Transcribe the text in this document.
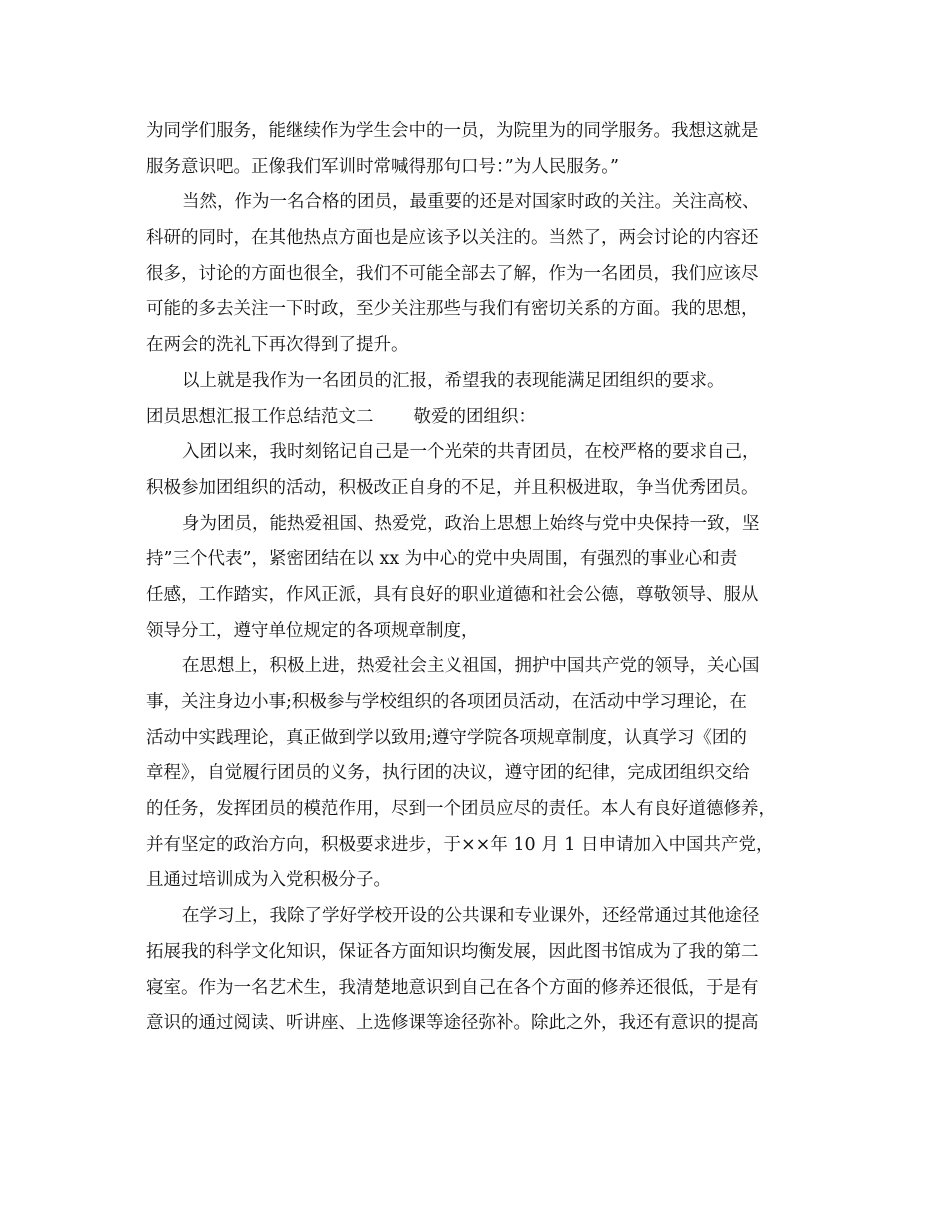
为同学们服务，能继续作为学生会中的一员，为院里为的同学服务。我想这就是
服务意识吧。正像我们军训时常喊得那句口号：”为人民服务。”
当然，作为一名合格的团员，最重要的还是对国家时政的关注。关注高校、
科研的同时，在其他热点方面也是应该予以关注的。当然了，两会讨论的内容还
很多，讨论的方面也很全，我们不可能全部去了解，作为一名团员，我们应该尽
可能的多去关注一下时政，至少关注那些与我们有密切关系的方面。我的思想，
在两会的洗礼下再次得到了提升。
以上就是我作为一名团员的汇报，希望我的表现能满足团组织的要求。
团员思想汇报工作总结范文二 敬爱的团组织：
入团以来，我时刻铭记自己是一个光荣的共青团员，在校严格的要求自己，
积极参加团组织的活动，积极改正自身的不足，并且积极进取，争当优秀团员。
身为团员，能热爱祖国、热爱党，政治上思想上始终与党中央保持一致，坚
持”三个代表”，紧密团结在以 xx 为中心的党中央周围，有强烈的事业心和责
任感，工作踏实，作风正派，具有良好的职业道德和社会公德，尊敬领导、服从
领导分工，遵守单位规定的各项规章制度，
在思想上，积极上进，热爱社会主义祖国，拥护中国共产党的领导，关心国
事，关注身边小事;积极参与学校组织的各项团员活动，在活动中学习理论，在
活动中实践理论，真正做到学以致用;遵守学院各项规章制度，认真学习《团的
章程》，自觉履行团员的义务，执行团的决议，遵守团的纪律，完成团组织交给
的任务，发挥团员的模范作用，尽到一个团员应尽的责任。本人有良好道德修养，
并有坚定的政治方向，积极要求进步，于××年 10 月 1 日申请加入中国共产党，
且通过培训成为入党积极分子。
在学习上，我除了学好学校开设的公共课和专业课外，还经常通过其他途径
拓展我的科学文化知识，保证各方面知识均衡发展，因此图书馆成为了我的第二
寝室。作为一名艺术生，我清楚地意识到自己在各个方面的修养还很低，于是有
意识的通过阅读、听讲座、上选修课等途径弥补。除此之外，我还有意识的提高
